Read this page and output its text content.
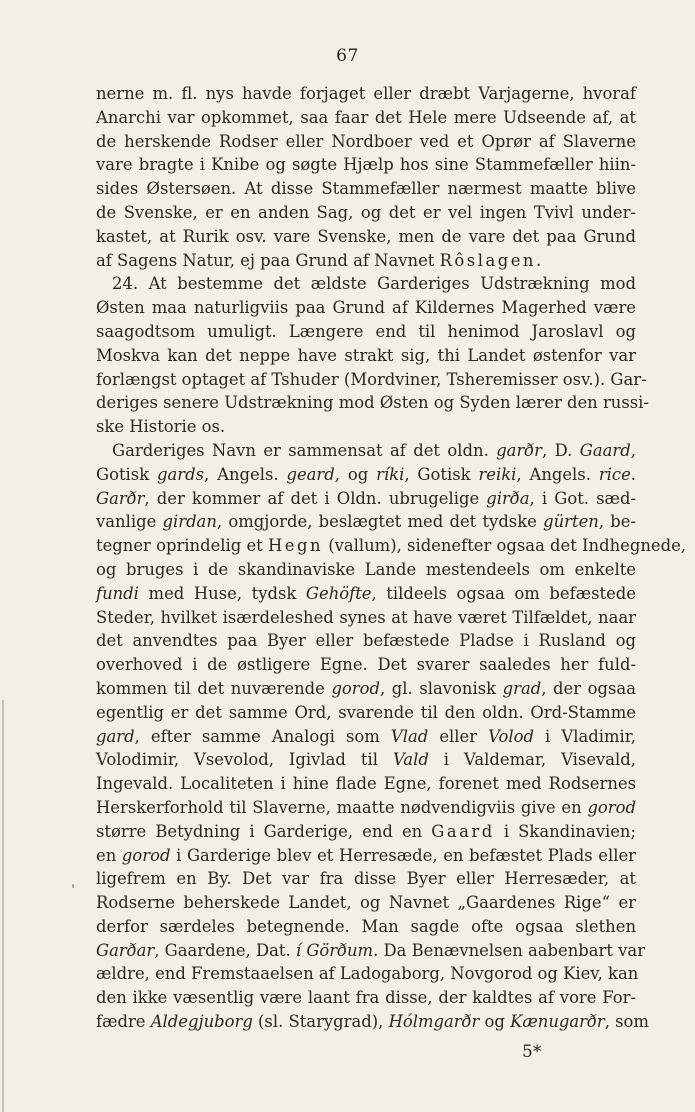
67
nerne m. fl. nys havde forjaget eller dræbt Varjagerne, hvoraf
Anarchi var opkommet, saa faar det Hele mere Udseende af, at
de herskende Rodser eller Nordboer ved et Oprør af Slaverne
vare bragte i Knibe og søgte Hjælp hos sine Stammefæller hiin-
sides Østersøen. At disse Stammefæller nærmest maatte blive
de Svenske, er en anden Sag, og det er vel ingen Tvivl under-
kastet, at Rurik osv. vare Svenske, men de vare det paa Grund
af Sagens Natur, ej paa Grund af Navnet Rôslagen.
24. At bestemme det ældste Garderiges Udstrækning mod
Østen maa naturligviis paa Grund af Kildernes Magerhed være
saagodtsom umuligt. Længere end til henimod Jaroslavl og
Moskva kan det neppe have strakt sig, thi Landet østenfor var
forlængst optaget af Tshuder (Mordviner, Tsheremisser osv.). Gar-
deriges senere Udstrækning mod Østen og Syden lærer den russi-
ske Historie os.
Garderiges Navn er sammensat af det oldn. garðr, D. Gaard,
Gotisk gards, Angels. geard, og ríki, Gotisk reiki, Angels. rice.
Garðr, der kommer af det i Oldn. ubrugelige girða, i Got. sæd-
vanlige girdan, omgjorde, beslægtet med det tydske gürten, be-
tegner oprindelig et Hegn (vallum), sidenefter ogsaa det Indhegnede,
og bruges i de skandinaviske Lande mestendeels om enkelte
fundi med Huse, tydsk Gehöfte, tildeels ogsaa om befæstede
Steder, hvilket isærdeleshed synes at have været Tilfældet, naar
det anvendtes paa Byer eller befæstede Pladse i Rusland og
overhoved i de østligere Egne. Det svarer saaledes her fuld-
kommen til det nuværende gorod, gl. slavonisk grad, der ogsaa
egentlig er det samme Ord, svarende til den oldn. Ord-Stamme
gard, efter samme Analogi som Vlad eller Volod i Vladimir,
Volodimir, Vsevolod, Igivlad til Vald i Valdemar, Visevald,
Ingevald. Localiteten i hine flade Egne, forenet med Rodsernes
Herskerforhold til Slaverne, maatte nødvendigviis give en gorod
større Betydning i Garderige, end en Gaard i Skandinavien;
en gorod i Garderige blev et Herresæde, en befæstet Plads eller
ligefrem en By. Det var fra disse Byer eller Herresæder, at
Rodserne beherskede Landet, og Navnet „Gaardenes Rige“ er
derfor særdeles betegnende. Man sagde ofte ogsaa slethen
Garðar, Gaardene, Dat. í Görðum. Da Benævnelsen aabenbart var
ældre, end Fremstaaelsen af Ladogaborg, Novgorod og Kiev, kan
den ikke væsentlig være laant fra disse, der kaldtes af vore For-
fædre Aldegjuborg (sl. Starygrad), Hólmgarðr og Kænugarðr, som
5*
